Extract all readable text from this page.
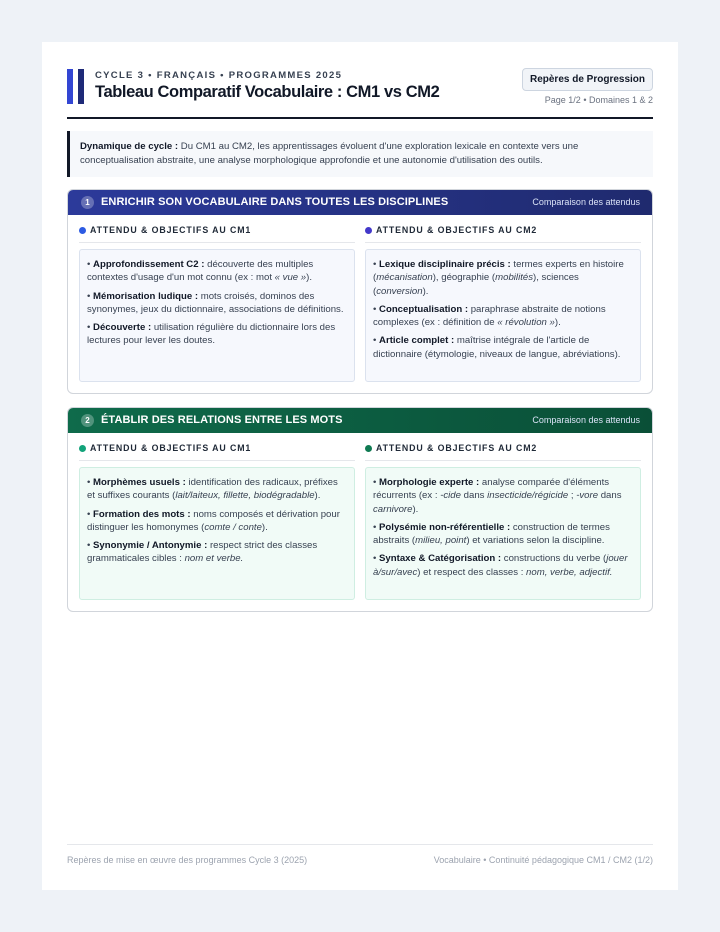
CYCLE 3 • FRANÇAIS • PROGRAMMES 2025
Tableau Comparatif Vocabulaire : CM1 vs CM2
Repères de Progression
Page 1/2 • Domaines 1 & 2
Dynamique de cycle : Du CM1 au CM2, les apprentissages évoluent d'une exploration lexicale en contexte vers une conceptualisation abstraite, une analyse morphologique approfondie et une autonomie d'utilisation des outils.
1	ENRICHIR SON VOCABULAIRE DANS TOUTES LES DISCIPLINES	Comparaison des attendus
ATTENDU & OBJECTIFS AU CM1
• Approfondissement C2 : découverte des multiples contextes d'usage d'un mot connu (ex : mot « vue »).
• Mémorisation ludique : mots croisés, dominos des synonymes, jeux du dictionnaire, associations de définitions.
• Découverte : utilisation régulière du dictionnaire lors des lectures pour lever les doutes.
ATTENDU & OBJECTIFS AU CM2
• Lexique disciplinaire précis : termes experts en histoire (mécanisation), géographie (mobilités), sciences (conversion).
• Conceptualisation : paraphrase abstraite de notions complexes (ex : définition de « révolution »).
• Article complet : maîtrise intégrale de l'article de dictionnaire (étymologie, niveaux de langue, abréviations).
2	ÉTABLIR DES RELATIONS ENTRE LES MOTS	Comparaison des attendus
ATTENDU & OBJECTIFS AU CM1
• Morphèmes usuels : identification des radicaux, préfixes et suffixes courants (lait/laiteux, fillette, biodégradable).
• Formation des mots : noms composés et dérivation pour distinguer les homonymes (comte / conte).
• Synonymie / Antonymie : respect strict des classes grammaticales cibles : nom et verbe.
ATTENDU & OBJECTIFS AU CM2
• Morphologie experte : analyse comparée d'éléments récurrents (ex : -cide dans insecticide/régicide ; -vore dans carnivore).
• Polysémie non-référentielle : construction de termes abstraits (milieu, point) et variations selon la discipline.
• Syntaxe & Catégorisation : constructions du verbe (jouer à/sur/avec) et respect des classes : nom, verbe, adjectif.
Repères de mise en œuvre des programmes Cycle 3 (2025)	Vocabulaire • Continuité pédagogique CM1 / CM2 (1/2)
